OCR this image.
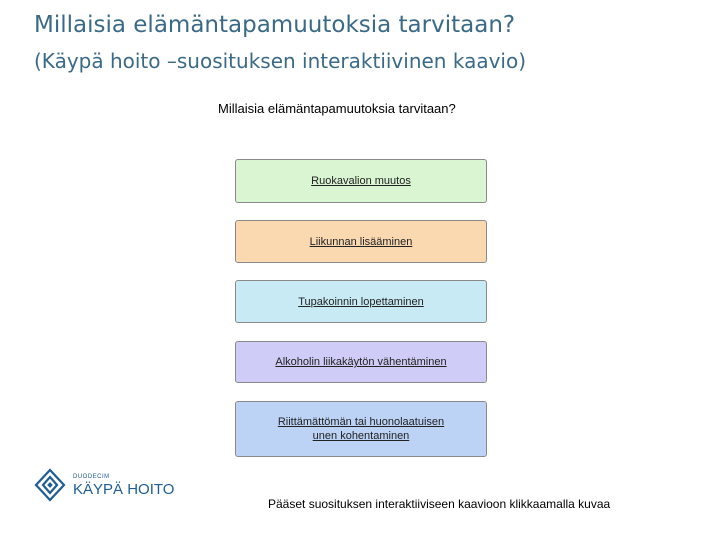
Millaisia elämäntapamuutoksia tarvitaan?
(Käypä hoito –suosituksen interaktiivinen kaavio)
Millaisia elämäntapamuutoksia tarvitaan?
Ruokavalion muutos
Liikunnan lisääminen
Tupakoinnin lopettaminen
Alkoholin liikakäytön vähentäminen
Riittämättömän tai huonolaatuisen
unen kohentaminen
DUODECIM
KÄYPÄ HOITO
Pääset suosituksen interaktiiviseen kaavioon klikkaamalla kuvaa
